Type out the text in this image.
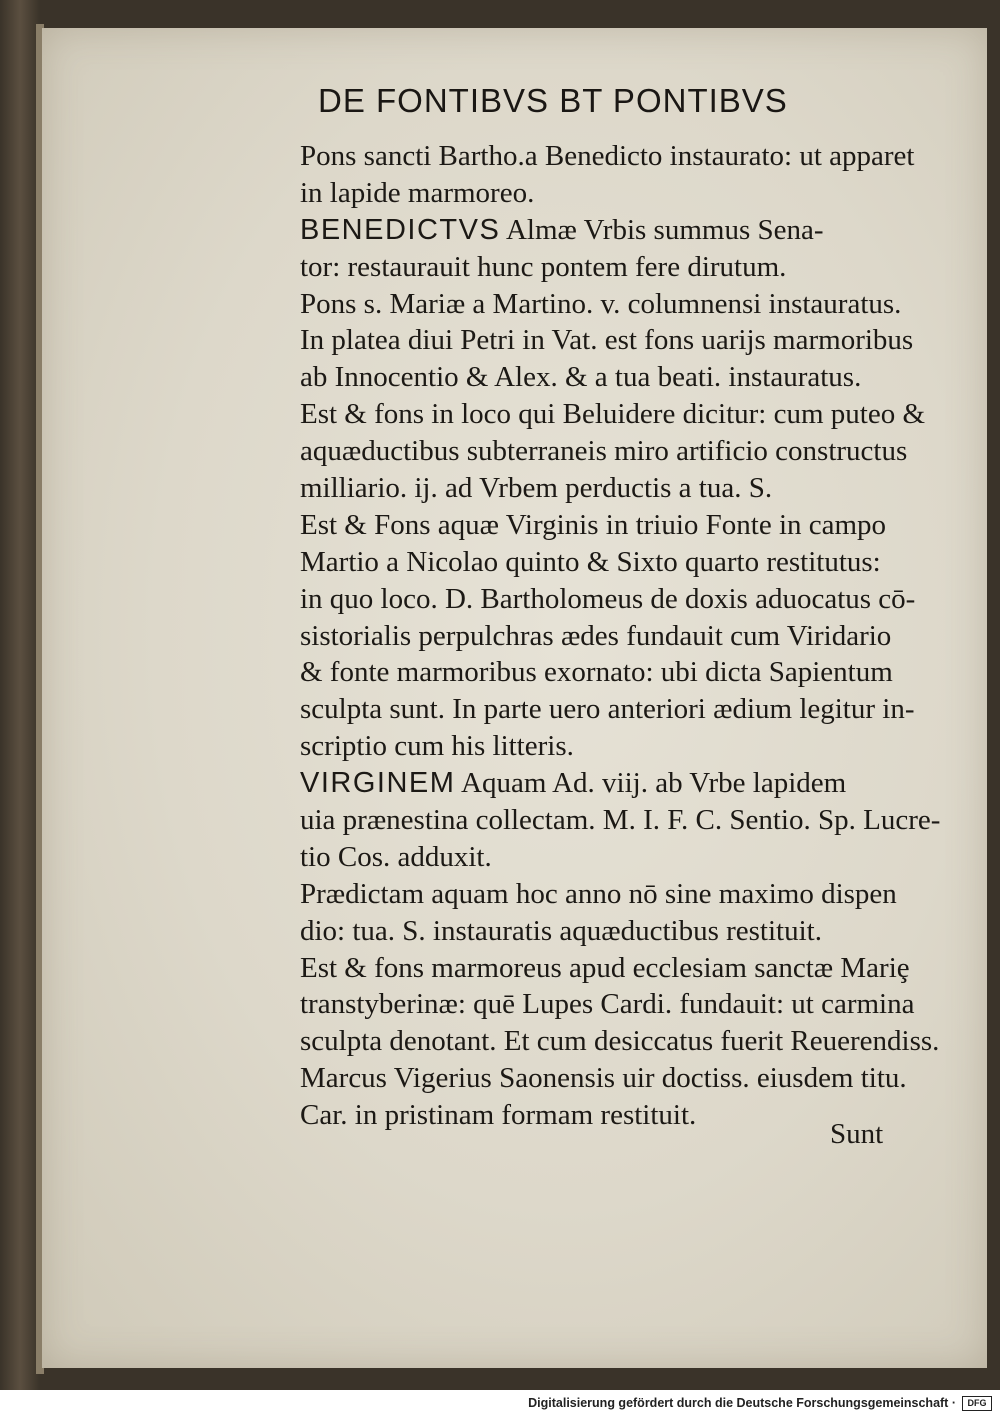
DE FONTIBVS BT PONTIBVS
Pons sancti Bartho.a Benedicto instaurato: ut apparet
in lapide marmoreo.
BENEDICTVS Almæ Vrbis summus Sena-
tor: restaurauit hunc pontem fere dirutum.
Pons s. Mariæ a Martino. v. columnensi instauratus.
In platea diui Petri in Vat. est fons uarijs marmoribus
ab Innocentio & Alex. & a tua beati. instauratus.
Est & fons in loco qui Beluidere dicitur: cum puteo &
aquæductibus subterraneis miro artificio constructus
milliario. ij. ad Vrbem perductis a tua. S.
Est & Fons aquæ Virginis in triuio Fonte in campo
Martio a Nicolao quinto & Sixto quarto restitutus:
in quo loco. D. Bartholomeus de doxis aduocatus cō-
sistorialis perpulchras ædes fundauit cum Viridario
& fonte marmoribus exornato: ubi dicta Sapientum
sculpta sunt. In parte uero anteriori ædium legitur in-
scriptio cum his litteris.
VIRGINEM Aquam Ad. viij. ab Vrbe lapidem
uia prænestina collectam. M. I. F. C. Sentio. Sp. Lucre-
tio Cos. adduxit.
Prædictam aquam hoc anno nō sine maximo dispen
dio: tua. S. instauratis aquæductibus restituit.
Est & fons marmoreus apud ecclesiam sanctæ Mariȩ
transtyberinæ: quē Lupes Cardi. fundauit: ut carmina
sculpta denotant. Et cum desiccatus fuerit Reuerendiss.
Marcus Vigerius Saonensis uir doctiss. eiusdem titu.
Car. in pristinam formam restituit.
Sunt
Digitalisierung gefördert durch die Deutsche Forschungsgemeinschaft ·	DFG
